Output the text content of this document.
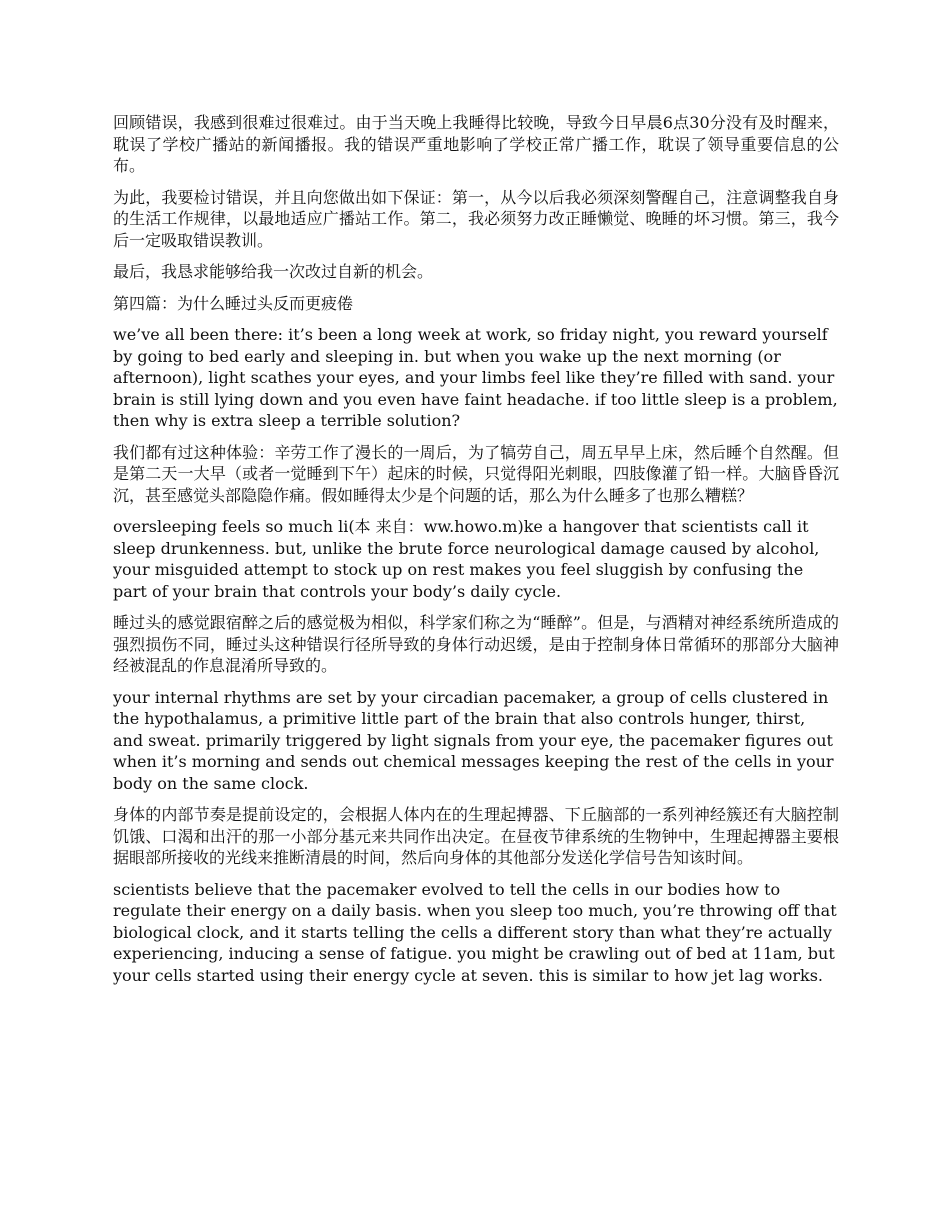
回顾错误，我感到很难过很难过。由于当天晚上我睡得比较晚，导致今日早晨6点30分没有及时醒来，耽误了学校广播站的新闻播报。我的错误严重地影响了学校正常广播工作，耽误了领导重要信息的公布。

为此，我要检讨错误，并且向您做出如下保证：第一，从今以后我必须深刻警醒自己，注意调整我自身的生活工作规律，以最地适应广播站工作。第二，我必须努力改正睡懒觉、晚睡的坏习惯。第三，我今后一定吸取错误教训。

最后，我恳求能够给我一次改过自新的机会。

第四篇：为什么睡过头反而更疲倦

we’ve all been there: it’s been a long week at work, so friday night, you reward yourself by going to bed early and sleeping in. but when you wake up the next morning (or afternoon), light scathes your eyes, and your limbs feel like they’re filled with sand. your brain is still lying down and you even have faint headache. if too little sleep is a problem, then why is extra sleep a terrible solution?

我们都有过这种体验：辛劳工作了漫长的一周后，为了犒劳自己，周五早早上床，然后睡个自然醒。但是第二天一大早（或者一觉睡到下午）起床的时候，只觉得阳光刺眼，四肢像灌了铅一样。大脑昏昏沉沉，甚至感觉头部隐隐作痛。假如睡得太少是个问题的话，那么为什么睡多了也那么糟糕？

oversleeping feels so much li(本 来自：ww.howo.m)ke a hangover that scientists call it sleep drunkenness. but, unlike the brute force neurological damage caused by alcohol, your misguided attempt to stock up on rest makes you feel sluggish by confusing the part of your brain that controls your body’s daily cycle.

睡过头的感觉跟宿醉之后的感觉极为相似，科学家们称之为“睡醉”。但是，与酒精对神经系统所造成的强烈损伤不同，睡过头这种错误行径所导致的身体行动迟缓，是由于控制身体日常循环的那部分大脑神经被混乱的作息混淆所导致的。

your internal rhythms are set by your circadian pacemaker, a group of cells clustered in the hypothalamus, a primitive little part of the brain that also controls hunger, thirst, and sweat. primarily triggered by light signals from your eye, the pacemaker figures out when it’s morning and sends out chemical messages keeping the rest of the cells in your body on the same clock.

身体的内部节奏是提前设定的，会根据人体内在的生理起搏器、下丘脑部的一系列神经簇还有大脑控制饥饿、口渴和出汗的那一小部分基元来共同作出决定。在昼夜节律系统的生物钟中，生理起搏器主要根据眼部所接收的光线来推断清晨的时间，然后向身体的其他部分发送化学信号告知该时间。

scientists believe that the pacemaker evolved to tell the cells in our bodies how to regulate their energy on a daily basis. when you sleep too much, you’re throwing off that biological clock, and it starts telling the cells a different story than what they’re actually experiencing, inducing a sense of fatigue. you might be crawling out of bed at 11am, but your cells started using their energy cycle at seven. this is similar to how jet lag works.
